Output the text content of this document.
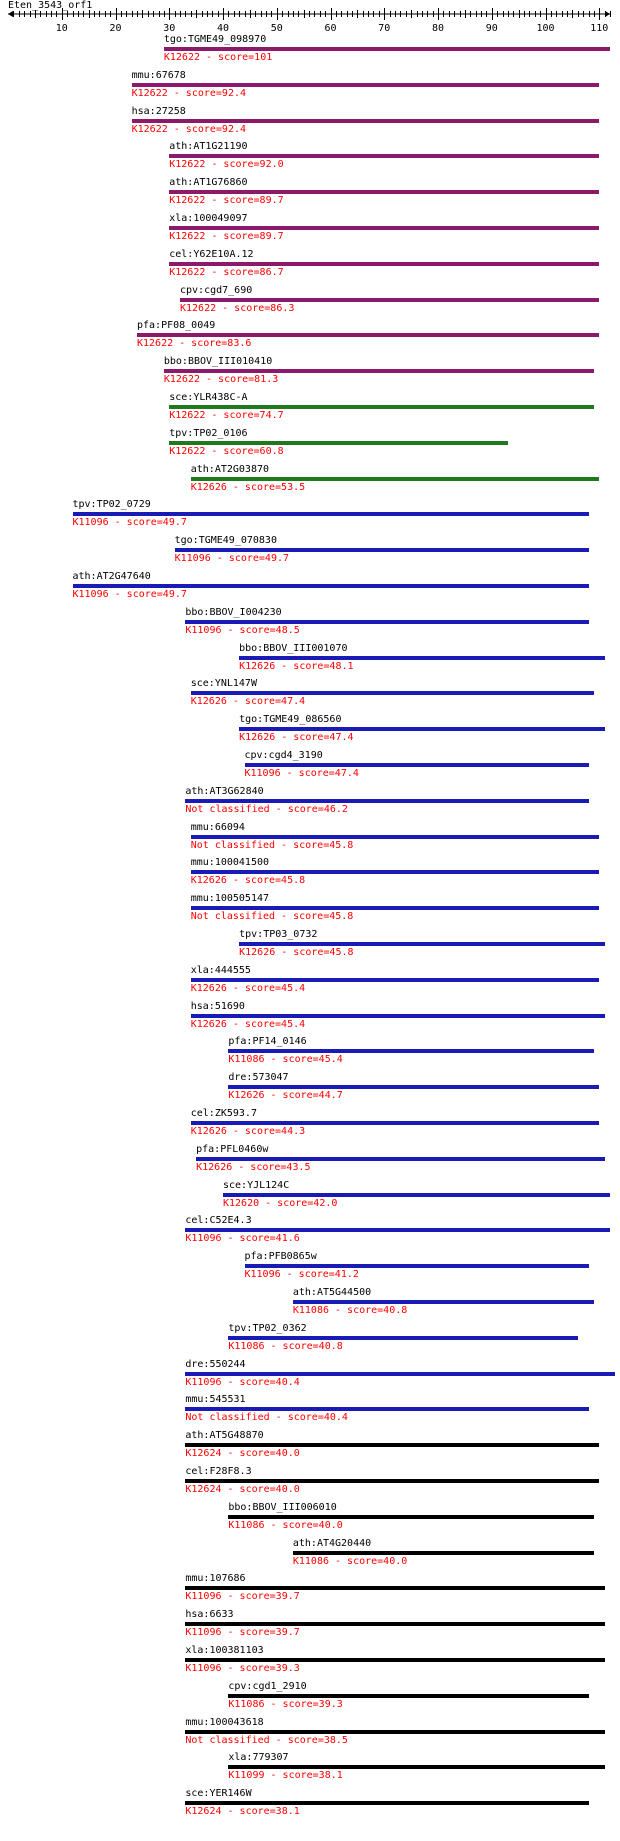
Eten_3543_orf1
10	20	30	40	50	60	70	80	90	100	110
tgo:TGME49_098970
K12622 - score=101
mmu:67678
K12622 - score=92.4
hsa:27258
K12622 - score=92.4
ath:AT1G21190
K12622 - score=92.0
ath:AT1G76860
K12622 - score=89.7
xla:100049097
K12622 - score=89.7
cel:Y62E10A.12
K12622 - score=86.7
cpv:cgd7_690
K12622 - score=86.3
pfa:PF08_0049
K12622 - score=83.6
bbo:BBOV_III010410
K12622 - score=81.3
sce:YLR438C-A
K12622 - score=74.7
tpv:TP02_0106
K12622 - score=60.8
ath:AT2G03870
K12626 - score=53.5
tpv:TP02_0729
K11096 - score=49.7
tgo:TGME49_070830
K11096 - score=49.7
ath:AT2G47640
K11096 - score=49.7
bbo:BBOV_I004230
K11096 - score=48.5
bbo:BBOV_III001070
K12626 - score=48.1
sce:YNL147W
K12626 - score=47.4
tgo:TGME49_086560
K12626 - score=47.4
cpv:cgd4_3190
K11096 - score=47.4
ath:AT3G62840
Not classified - score=46.2
mmu:66094
Not classified - score=45.8
mmu:100041500
K12626 - score=45.8
mmu:100505147
Not classified - score=45.8
tpv:TP03_0732
K12626 - score=45.8
xla:444555
K12626 - score=45.4
hsa:51690
K12626 - score=45.4
pfa:PF14_0146
K11086 - score=45.4
dre:573047
K12626 - score=44.7
cel:ZK593.7
K12626 - score=44.3
pfa:PFL0460w
K12626 - score=43.5
sce:YJL124C
K12620 - score=42.0
cel:C52E4.3
K11096 - score=41.6
pfa:PFB0865w
K11096 - score=41.2
ath:AT5G44500
K11086 - score=40.8
tpv:TP02_0362
K11086 - score=40.8
dre:550244
K11096 - score=40.4
mmu:545531
Not classified - score=40.4
ath:AT5G48870
K12624 - score=40.0
cel:F28F8.3
K12624 - score=40.0
bbo:BBOV_III006010
K11086 - score=40.0
ath:AT4G20440
K11086 - score=40.0
mmu:107686
K11096 - score=39.7
hsa:6633
K11096 - score=39.7
xla:100381103
K11096 - score=39.3
cpv:cgd1_2910
K11086 - score=39.3
mmu:100043618
Not classified - score=38.5
xla:779307
K11099 - score=38.1
sce:YER146W
K12624 - score=38.1
